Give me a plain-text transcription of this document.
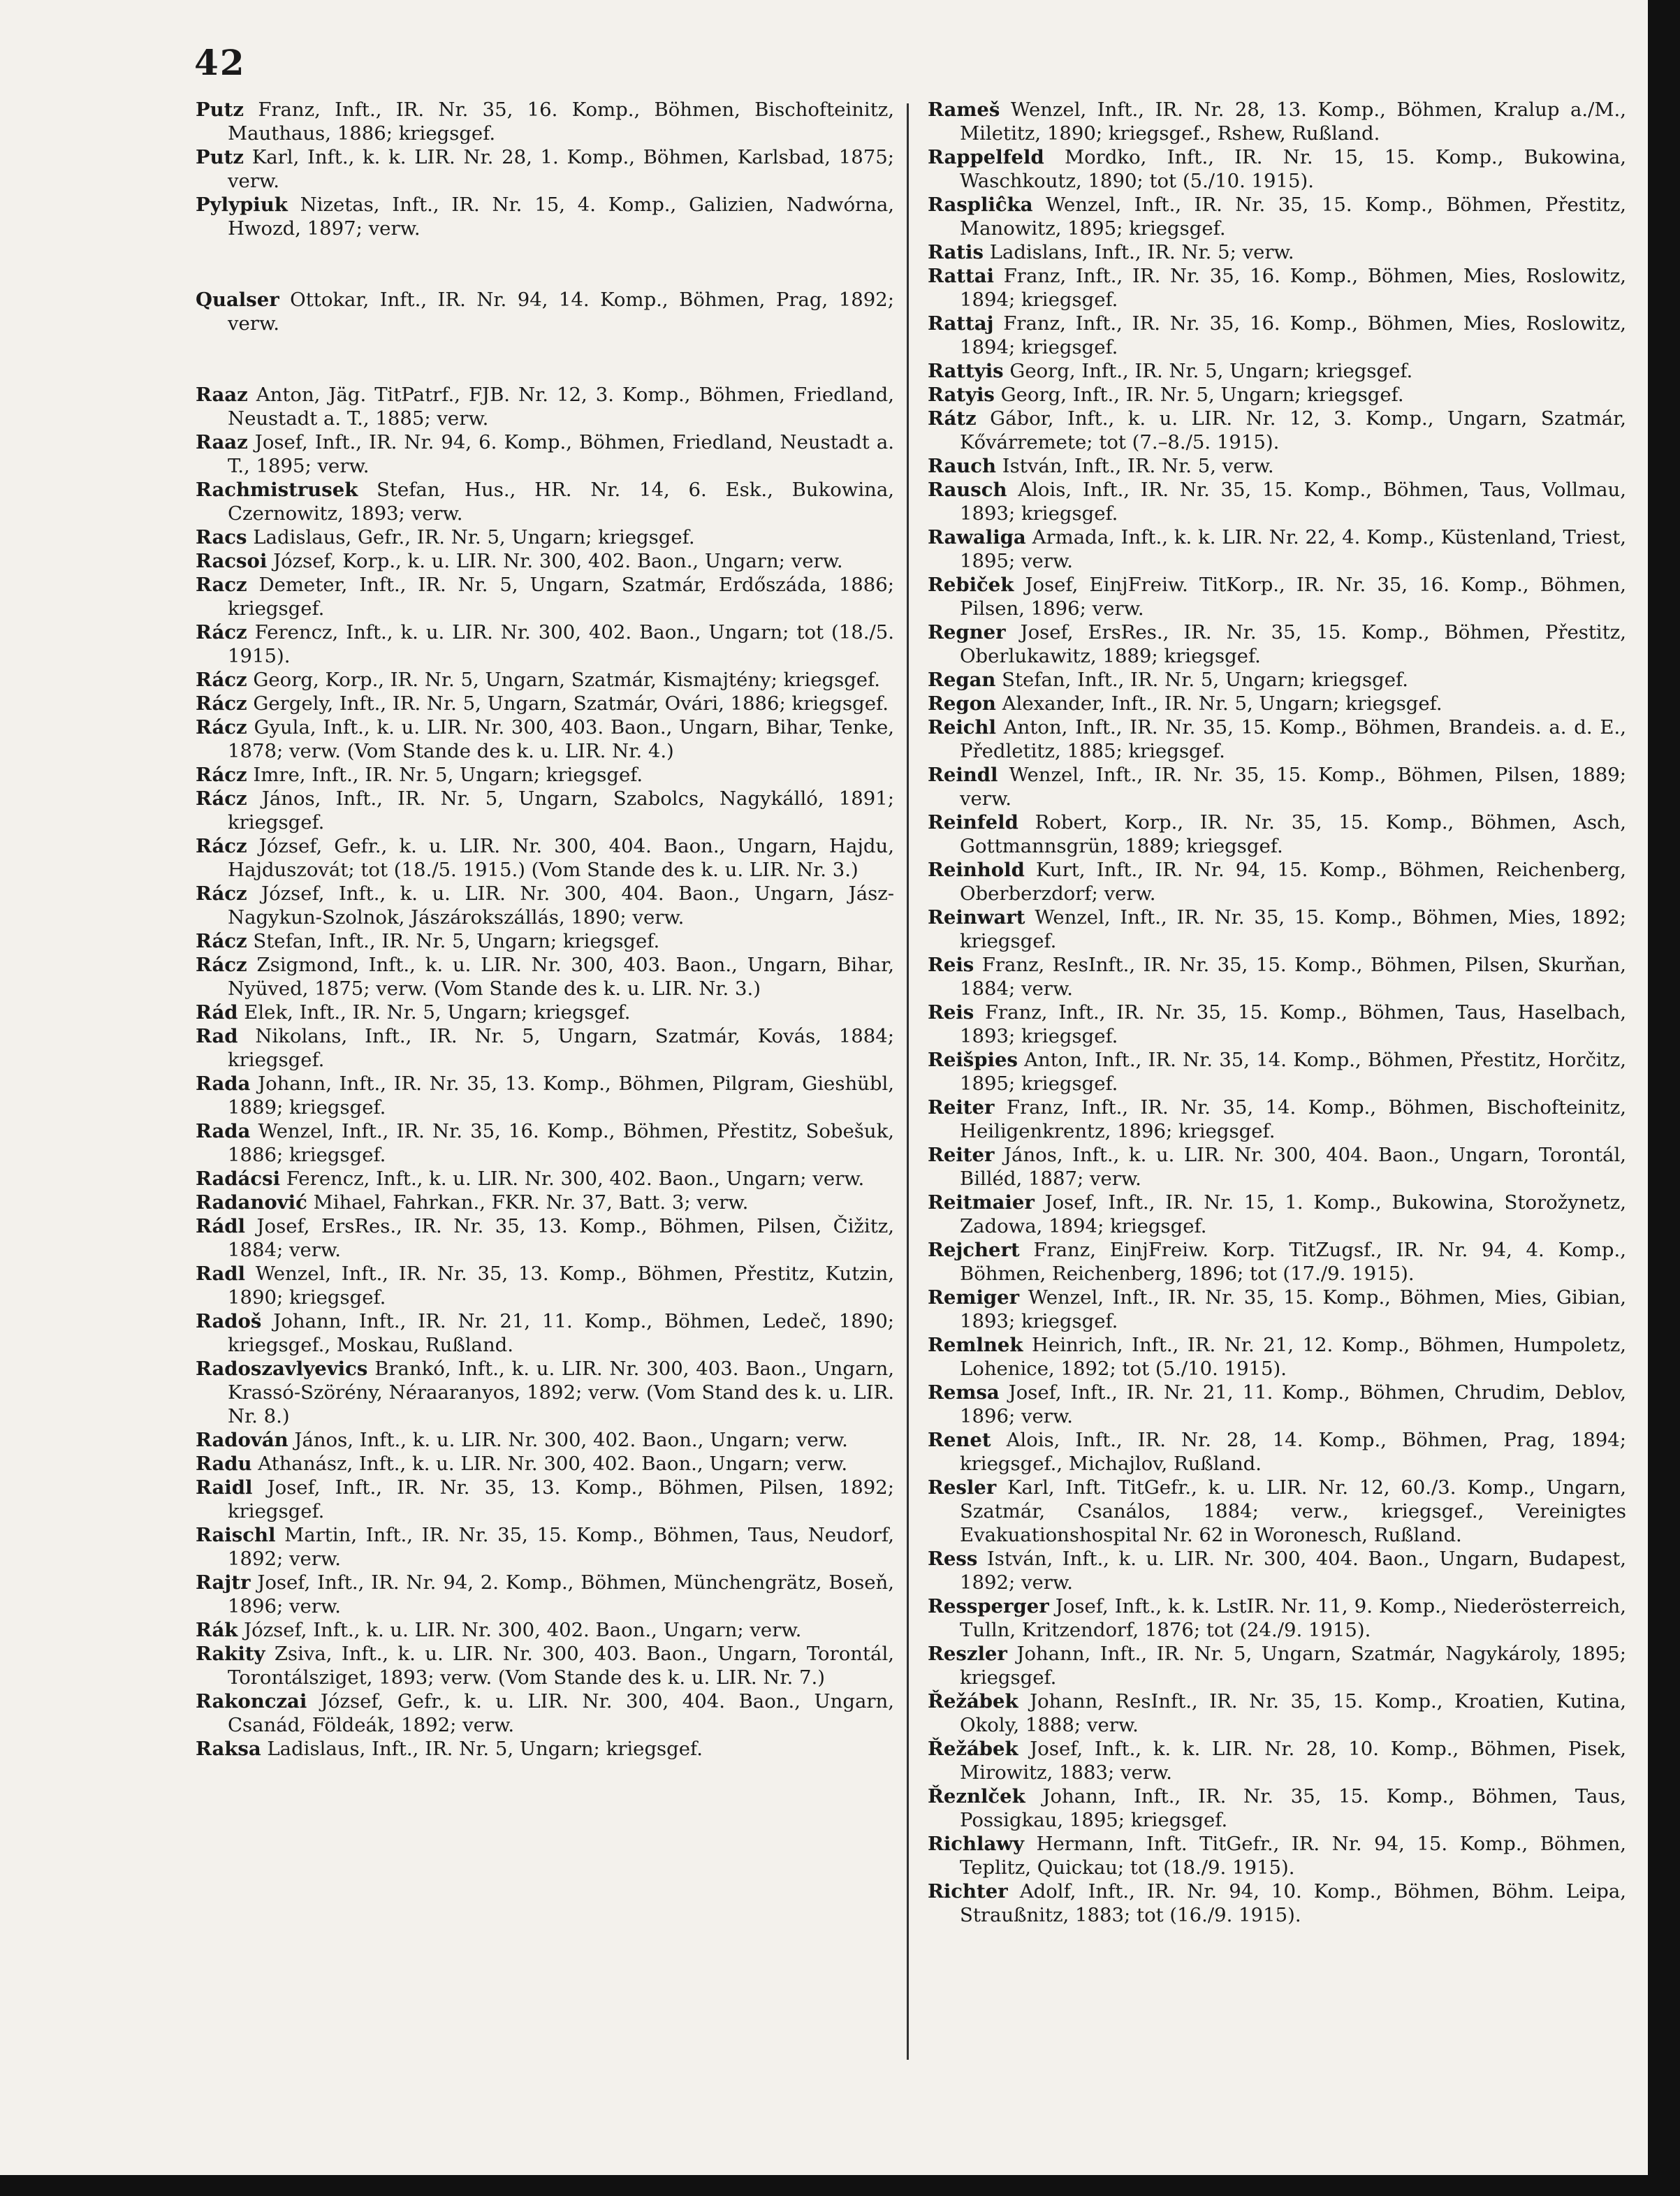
42

Putz Franz, Inft., IR. Nr. 35, 16. Komp., Böhmen, Bischofteinitz, Mauthaus, 1886; kriegsgef.

Putz Karl, Inft., k. k. LIR. Nr. 28, 1. Komp., Böhmen, Karlsbad, 1875; verw.

Pylypiuk Nizetas, Inft., IR. Nr. 15, 4. Komp., Galizien, Nadwórna, Hwozd, 1897; verw.

Qualser Ottokar, Inft., IR. Nr. 94, 14. Komp., Böhmen, Prag, 1892; verw.

Raaz Anton, Jäg. TitPatrf., FJB. Nr. 12, 3. Komp., Böhmen, Friedland, Neustadt a. T., 1885; verw.

Raaz Josef, Inft., IR. Nr. 94, 6. Komp., Böhmen, Friedland, Neustadt a. T., 1895; verw.

Rachmistrusek Stefan, Hus., HR. Nr. 14, 6. Esk., Bukowina, Czernowitz, 1893; verw.

Racs Ladislaus, Gefr., IR. Nr. 5, Ungarn; kriegsgef.

Racsoi József, Korp., k. u. LIR. Nr. 300, 402. Baon., Ungarn; verw.

Racz Demeter, Inft., IR. Nr. 5, Ungarn, Szatmár, Erdőszáda, 1886; kriegsgef.

Rácz Ferencz, Inft., k. u. LIR. Nr. 300, 402. Baon., Ungarn; tot (18./5. 1915).

Rácz Georg, Korp., IR. Nr. 5, Ungarn, Szatmár, Kismajtény; kriegsgef.

Rácz Gergely, Inft., IR. Nr. 5, Ungarn, Szatmár, Ovári, 1886; kriegsgef.

Rácz Gyula, Inft., k. u. LIR. Nr. 300, 403. Baon., Ungarn, Bihar, Tenke, 1878; verw. (Vom Stande des k. u. LIR. Nr. 4.)

Rácz Imre, Inft., IR. Nr. 5, Ungarn; kriegsgef.

Rácz János, Inft., IR. Nr. 5, Ungarn, Szabolcs, Nagykálló, 1891; kriegsgef.

Rácz József, Gefr., k. u. LIR. Nr. 300, 404. Baon., Ungarn, Hajdu, Hajduszovát; tot (18./5. 1915.) (Vom Stande des k. u. LIR. Nr. 3.)

Rácz József, Inft., k. u. LIR. Nr. 300, 404. Baon., Ungarn, Jász-Nagykun-Szolnok, Jászárokszállás, 1890; verw.

Rácz Stefan, Inft., IR. Nr. 5, Ungarn; kriegsgef.

Rácz Zsigmond, Inft., k. u. LIR. Nr. 300, 403. Baon., Ungarn, Bihar, Nyüved, 1875; verw. (Vom Stande des k. u. LIR. Nr. 3.)

Rád Elek, Inft., IR. Nr. 5, Ungarn; kriegsgef.

Rad Nikolans, Inft., IR. Nr. 5, Ungarn, Szatmár, Kovás, 1884; kriegsgef.

Rada Johann, Inft., IR. Nr. 35, 13. Komp., Böhmen, Pilgram, Gieshübl, 1889; kriegsgef.

Rada Wenzel, Inft., IR. Nr. 35, 16. Komp., Böhmen, Přestitz, Sobešuk, 1886; kriegsgef.

Radácsi Ferencz, Inft., k. u. LIR. Nr. 300, 402. Baon., Ungarn; verw.

Radanović Mihael, Fahrkan., FKR. Nr. 37, Batt. 3; verw.

Rádl Josef, ErsRes., IR. Nr. 35, 13. Komp., Böhmen, Pilsen, Čižitz, 1884; verw.

Radl Wenzel, Inft., IR. Nr. 35, 13. Komp., Böhmen, Přestitz, Kutzin, 1890; kriegsgef.

Radoš Johann, Inft., IR. Nr. 21, 11. Komp., Böhmen, Ledeč, 1890; kriegsgef., Moskau, Rußland.

Radoszavlyevics Brankó, Inft., k. u. LIR. Nr. 300, 403. Baon., Ungarn, Krassó-Szörény, Néraaranyos, 1892; verw. (Vom Stand des k. u. LIR. Nr. 8.)

Radován János, Inft., k. u. LIR. Nr. 300, 402. Baon., Ungarn; verw.

Radu Athanász, Inft., k. u. LIR. Nr. 300, 402. Baon., Ungarn; verw.

Raidl Josef, Inft., IR. Nr. 35, 13. Komp., Böhmen, Pilsen, 1892; kriegsgef.

Raischl Martin, Inft., IR. Nr. 35, 15. Komp., Böhmen, Taus, Neudorf, 1892; verw.

Rajtr Josef, Inft., IR. Nr. 94, 2. Komp., Böhmen, Münchengrätz, Boseň, 1896; verw.

Rák József, Inft., k. u. LIR. Nr. 300, 402. Baon., Ungarn; verw.

Rakity Zsiva, Inft., k. u. LIR. Nr. 300, 403. Baon., Ungarn, Torontál, Torontálsziget, 1893; verw. (Vom Stande des k. u. LIR. Nr. 7.)

Rakonczai József, Gefr., k. u. LIR. Nr. 300, 404. Baon., Ungarn, Csanád, Földeák, 1892; verw.

Raksa Ladislaus, Inft., IR. Nr. 5, Ungarn; kriegsgef.

Rameš Wenzel, Inft., IR. Nr. 28, 13. Komp., Böhmen, Kralup a./M., Miletitz, 1890; kriegsgef., Rshew, Rußland.

Rappelfeld Mordko, Inft., IR. Nr. 15, 15. Komp., Bukowina, Waschkoutz, 1890; tot (5./10. 1915).

Raspliĉka Wenzel, Inft., IR. Nr. 35, 15. Komp., Böhmen, Přestitz, Manowitz, 1895; kriegsgef.

Ratis Ladislans, Inft., IR. Nr. 5; verw.

Rattai Franz, Inft., IR. Nr. 35, 16. Komp., Böhmen, Mies, Roslowitz, 1894; kriegsgef.

Rattaj Franz, Inft., IR. Nr. 35, 16. Komp., Böhmen, Mies, Roslowitz, 1894; kriegsgef.

Rattyis Georg, Inft., IR. Nr. 5, Ungarn; kriegsgef.

Ratyis Georg, Inft., IR. Nr. 5, Ungarn; kriegsgef.

Rátz Gábor, Inft., k. u. LIR. Nr. 12, 3. Komp., Ungarn, Szatmár, Kővárremete; tot (7.–8./5. 1915).

Rauch István, Inft., IR. Nr. 5, verw.

Rausch Alois, Inft., IR. Nr. 35, 15. Komp., Böhmen, Taus, Vollmau, 1893; kriegsgef.

Rawaliga Armada, Inft., k. k. LIR. Nr. 22, 4. Komp., Küstenland, Triest, 1895; verw.

Rebiček Josef, EinjFreiw. TitKorp., IR. Nr. 35, 16. Komp., Böhmen, Pilsen, 1896; verw.

Regner Josef, ErsRes., IR. Nr. 35, 15. Komp., Böhmen, Přestitz, Oberlukawitz, 1889; kriegsgef.

Regan Stefan, Inft., IR. Nr. 5, Ungarn; kriegsgef.

Regon Alexander, Inft., IR. Nr. 5, Ungarn; kriegsgef.

Reichl Anton, Inft., IR. Nr. 35, 15. Komp., Böhmen, Brandeis. a. d. E., Předletitz, 1885; kriegsgef.

Reindl Wenzel, Inft., IR. Nr. 35, 15. Komp., Böhmen, Pilsen, 1889; verw.

Reinfeld Robert, Korp., IR. Nr. 35, 15. Komp., Böhmen, Asch, Gottmannsgrün, 1889; kriegsgef.

Reinhold Kurt, Inft., IR. Nr. 94, 15. Komp., Böhmen, Reichenberg, Oberberzdorf; verw.

Reinwart Wenzel, Inft., IR. Nr. 35, 15. Komp., Böhmen, Mies, 1892; kriegsgef.

Reis Franz, ResInft., IR. Nr. 35, 15. Komp., Böhmen, Pilsen, Skurňan, 1884; verw.

Reis Franz, Inft., IR. Nr. 35, 15. Komp., Böhmen, Taus, Haselbach, 1893; kriegsgef.

Reišpies Anton, Inft., IR. Nr. 35, 14. Komp., Böhmen, Přestitz, Horčitz, 1895; kriegsgef.

Reiter Franz, Inft., IR. Nr. 35, 14. Komp., Böhmen, Bischofteinitz, Heiligenkrentz, 1896; kriegsgef.

Reiter János, Inft., k. u. LIR. Nr. 300, 404. Baon., Ungarn, Torontál, Billéd, 1887; verw.

Reitmaier Josef, Inft., IR. Nr. 15, 1. Komp., Bukowina, Storožynetz, Zadowa, 1894; kriegsgef.

Rejchert Franz, EinjFreiw. Korp. TitZugsf., IR. Nr. 94, 4. Komp., Böhmen, Reichenberg, 1896; tot (17./9. 1915).

Remiger Wenzel, Inft., IR. Nr. 35, 15. Komp., Böhmen, Mies, Gibian, 1893; kriegsgef.

Remlnek Heinrich, Inft., IR. Nr. 21, 12. Komp., Böhmen, Humpoletz, Lohenice, 1892; tot (5./10. 1915).

Remsa Josef, Inft., IR. Nr. 21, 11. Komp., Böhmen, Chrudim, Deblov, 1896; verw.

Renet Alois, Inft., IR. Nr. 28, 14. Komp., Böhmen, Prag, 1894; kriegsgef., Michajlov, Rußland.

Resler Karl, Inft. TitGefr., k. u. LIR. Nr. 12, 60./3. Komp., Ungarn, Szatmár, Csanálos, 1884; verw., kriegsgef., Vereinigtes Evakuationshospital Nr. 62 in Woronesch, Rußland.

Ress István, Inft., k. u. LIR. Nr. 300, 404. Baon., Ungarn, Budapest, 1892; verw.

Ressperger Josef, Inft., k. k. LstIR. Nr. 11, 9. Komp., Niederösterreich, Tulln, Kritzendorf, 1876; tot (24./9. 1915).

Reszler Johann, Inft., IR. Nr. 5, Ungarn, Szatmár, Nagykároly, 1895; kriegsgef.

Řežábek Johann, ResInft., IR. Nr. 35, 15. Komp., Kroatien, Kutina, Okoly, 1888; verw.

Řežábek Josef, Inft., k. k. LIR. Nr. 28, 10. Komp., Böhmen, Pisek, Mirowitz, 1883; verw.

Řeznlček Johann, Inft., IR. Nr. 35, 15. Komp., Böhmen, Taus, Possigkau, 1895; kriegsgef.

Richlawy Hermann, Inft. TitGefr., IR. Nr. 94, 15. Komp., Böhmen, Teplitz, Quickau; tot (18./9. 1915).

Richter Adolf, Inft., IR. Nr. 94, 10. Komp., Böhmen, Böhm. Leipa, Straußnitz, 1883; tot (16./9. 1915).
